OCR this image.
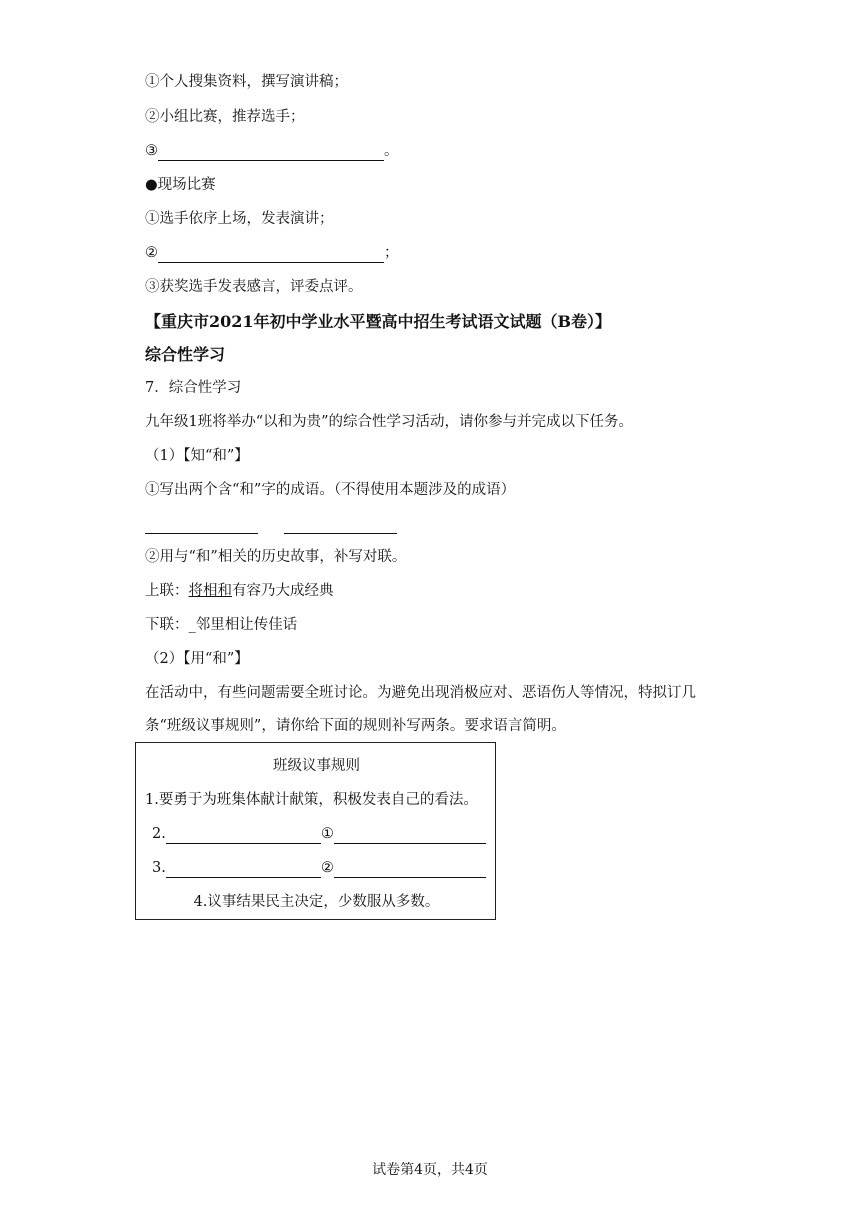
①个人搜集资料，撰写演讲稿；
②小组比赛，推荐选手；
③	。
●现场比赛
①选手依序上场，发表演讲；
②	；
③获奖选手发表感言，评委点评。
【重庆市2021年初中学业水平暨高中招生考试语文试题（B卷）】
综合性学习
7．综合性学习
九年级1班将举办“以和为贵”的综合性学习活动，请你参与并完成以下任务。
（1）【知“和”】
①写出两个含“和”字的成语。（不得使用本题涉及的成语）
②用与“和”相关的历史故事，补写对联。
上联：将相和有容乃大成经典
下联：_邻里相让传佳话
（2）【用“和”】
在活动中，有些问题需要全班讨论。为避免出现消极应对、恶语伤人等情况，特拟订几
条“班级议事规则”，请你给下面的规则补写两条。要求语言简明。
班级议事规则
1.要勇于为班集体献计献策，积极发表自己的看法。
2.	①
3.	②
4.议事结果民主决定，少数服从多数。
试卷第4页，共4页
